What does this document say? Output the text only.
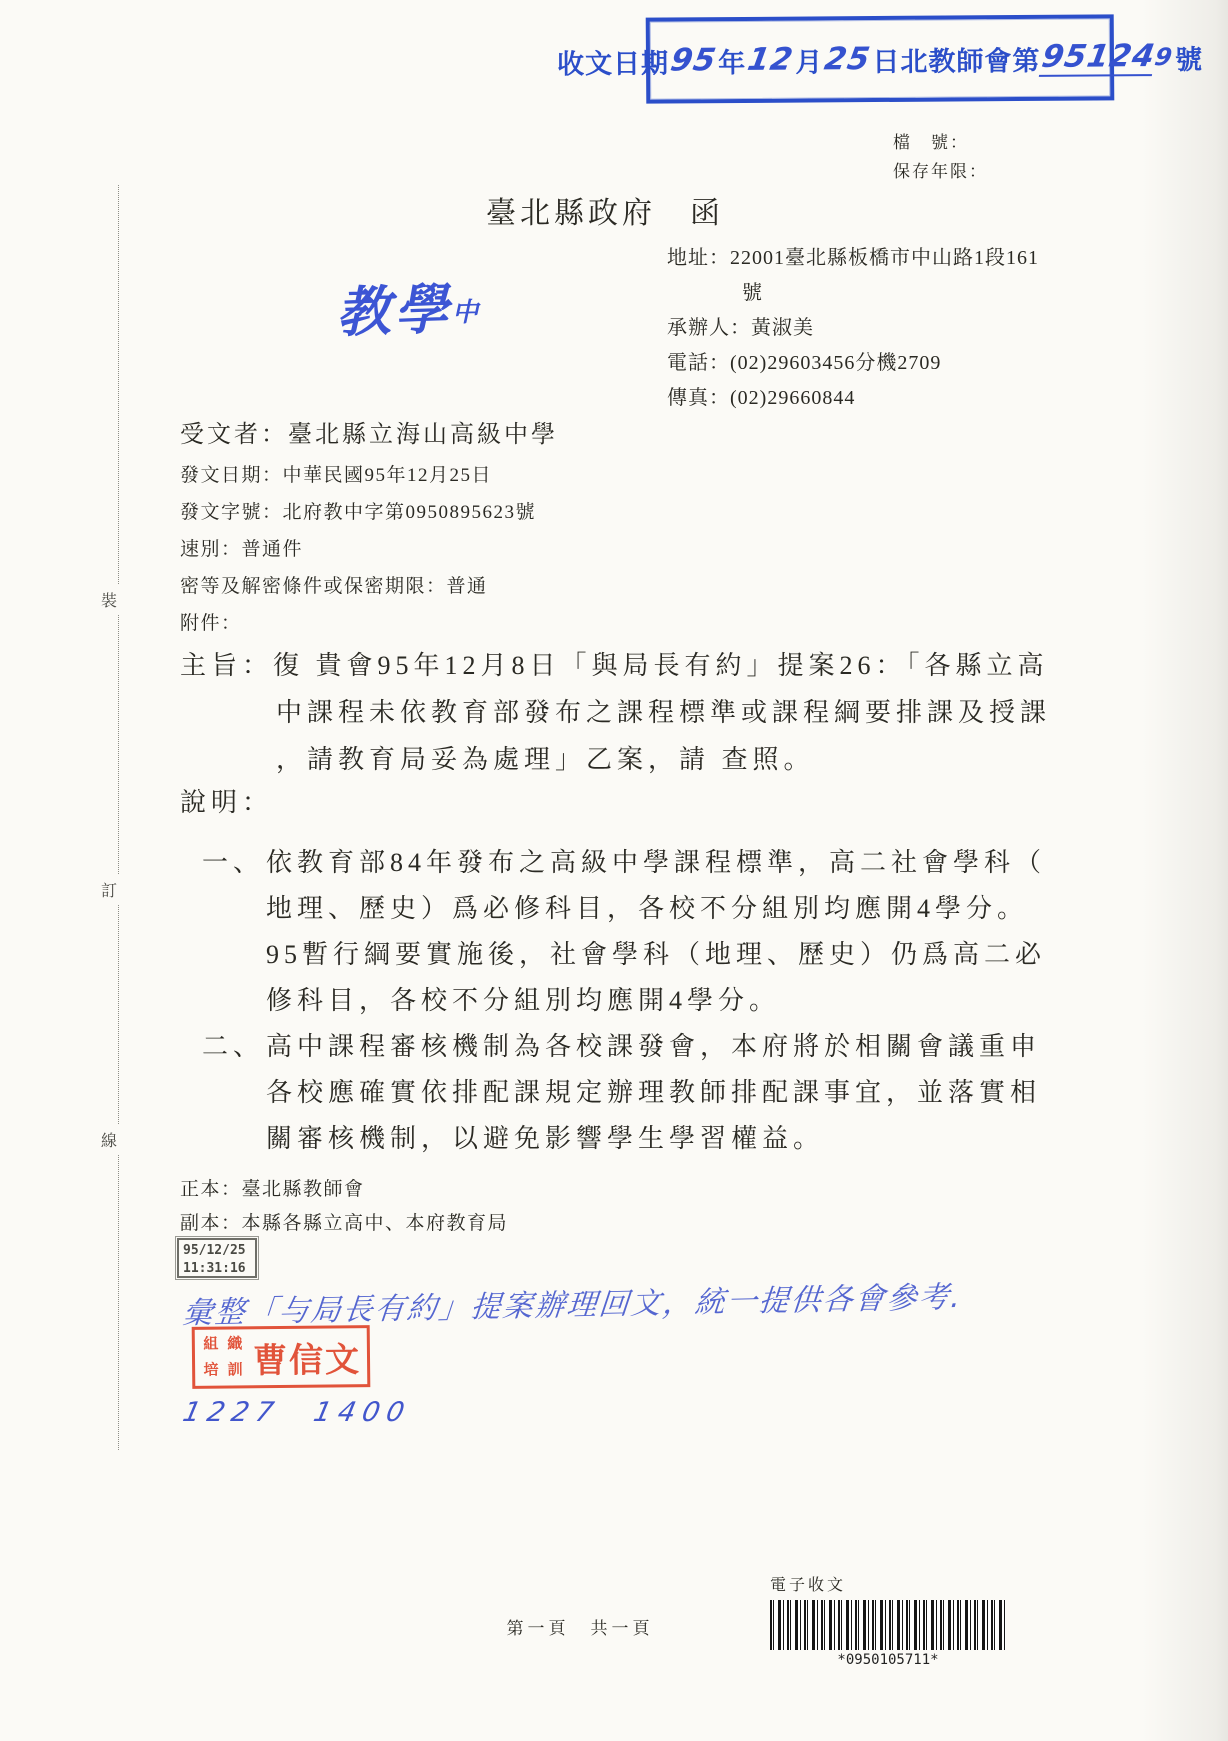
裝
訂
線
收文日期
95
年
12
月
25
日 北教師會第
95124
9 號
檔　號：
保存年限：
臺北縣政府　函
教學中
地址：22001臺北縣板橋市中山路1段161
號
承辦人：黃淑美
電話：(02)29603456分機2709
傳真：(02)29660844
受文者：臺北縣立海山高級中學
發文日期：中華民國95年12月25日
發文字號：北府教中字第0950895623號
速別：普通件
密等及解密條件或保密期限：普通
附件：
主旨：復 貴會95年12月8日「與局長有約」提案26：「各縣立高
中課程未依教育部發布之課程標準或課程綱要排課及授課
，請教育局妥為處理」乙案，請 查照。
說明：
一、依教育部84年發布之高級中學課程標準，高二社會學科（
地理、歷史）爲必修科目，各校不分組別均應開4學分。
95暫行綱要實施後，社會學科（地理、歷史）仍爲高二必
修科目，各校不分組別均應開4學分。
二、高中課程審核機制為各校課發會，本府將於相關會議重申
各校應確實依排配課規定辦理教師排配課事宜，並落實相
關審核機制，以避免影響學生學習權益。
正本：臺北縣教師會
副本：本縣各縣立高中、本府教育局
95/12/25
11:31:16
彙整「与局長有約」提案辦理回文，統一提供各會參考.
組 織
培 訓 曹信文
1227　1400
第一頁　共一頁
電子收文
*0950105711*
